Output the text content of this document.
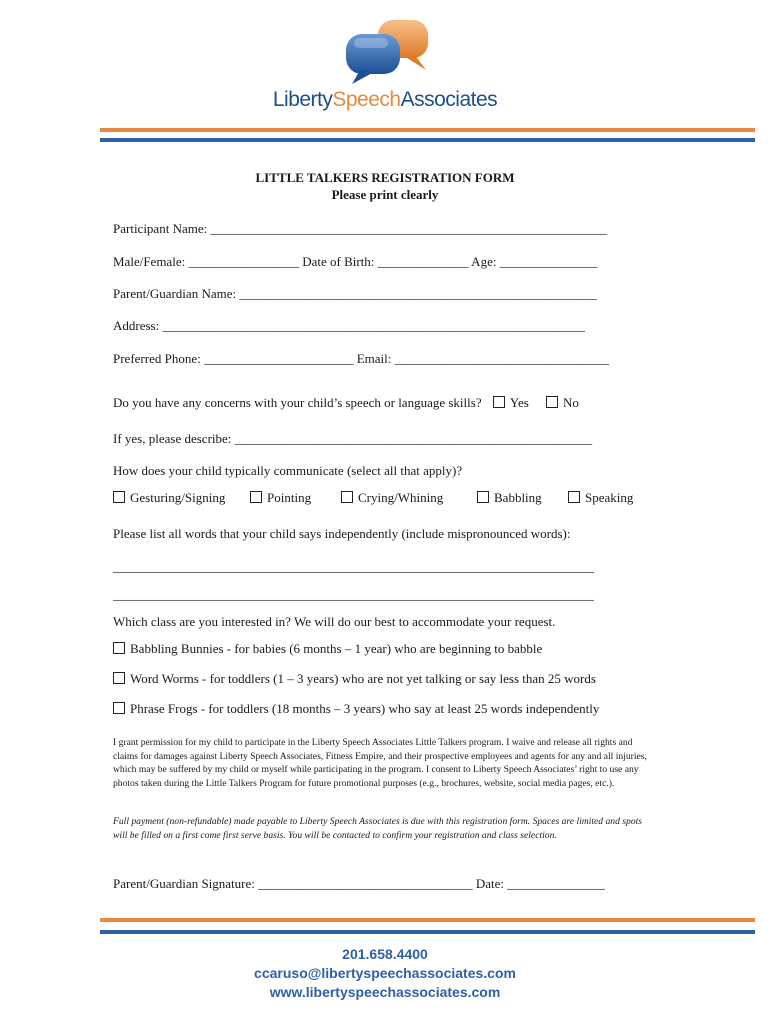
LibertySpeechAssociates
LITTLE TALKERS REGISTRATION FORM
Please print clearly
Participant Name: _____________________________________________________________
Male/Female: _________________ Date of Birth: ______________ Age: _______________
Parent/Guardian Name: _______________________________________________________
Address: _________________________________________________________________
Preferred Phone: _______________________ Email: _________________________________
Do you have any concerns with your child’s speech or language skills? Yes	No
If yes, please describe: _______________________________________________________
How does your child typically communicate (select all that apply)?
Gesturing/Signing	Pointing	Crying/Whining	Babbling	Speaking
Please list all words that your child says independently (include mispronounced words):
__________________________________________________________________________
__________________________________________________________________________
Which class are you interested in? We will do our best to accommodate your request.
Babbling Bunnies - for babies (6 months – 1 year) who are beginning to babble
Word Worms - for toddlers (1 – 3 years) who are not yet talking or say less than 25 words
Phrase Frogs - for toddlers (18 months – 3 years) who say at least 25 words independently
I grant permission for my child to participate in the Liberty Speech Associates Little Talkers program. I waive and release all rights and claims for damages against Liberty Speech Associates, Fitness Empire, and their prospective employees and agents for any and all injuries, which may be suffered by my child or myself while participating in the program. I consent to Liberty Speech Associates’ right to use any photos taken during the Little Talkers Program for future promotional purposes (e.g., brochures, website, social media pages, etc.).
Full payment (non-refundable) made payable to Liberty Speech Associates is due with this registration form. Spaces are limited and spots will be filled on a first come first serve basis. You will be contacted to confirm your registration and class selection.
Parent/Guardian Signature: _________________________________ Date: _______________
201.658.4400
ccaruso@libertyspeechassociates.com
www.libertyspeechassociates.com
